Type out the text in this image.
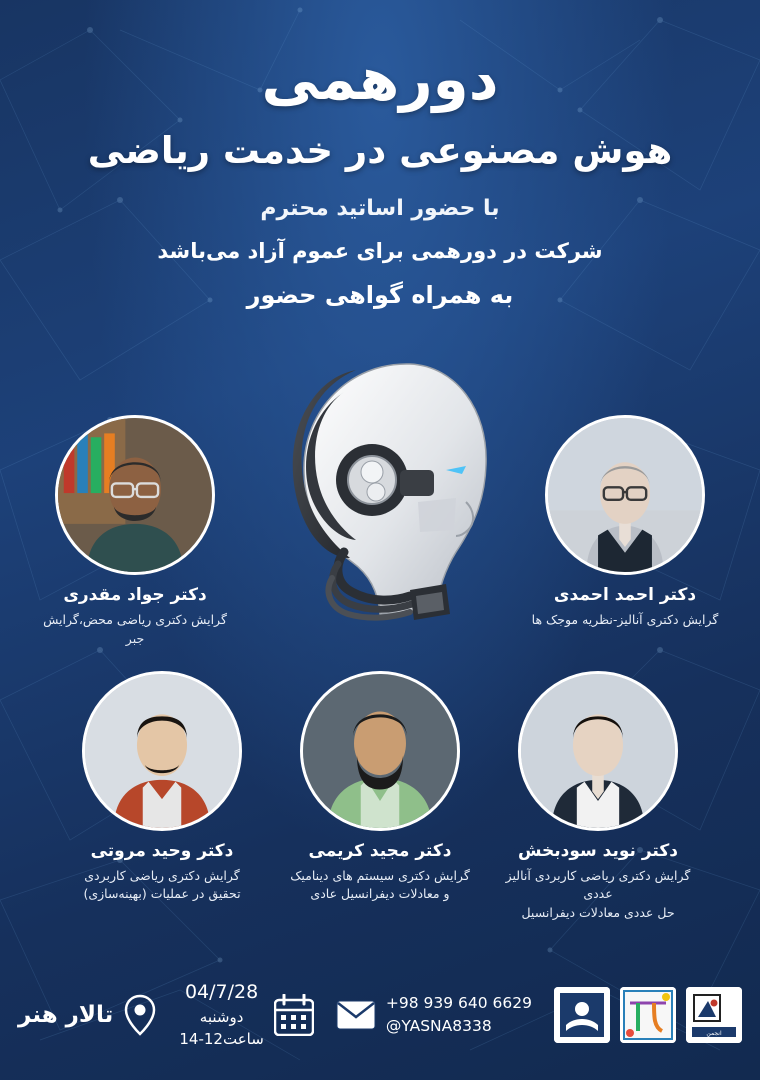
دورهمی
هوش مصنوعی در خدمت ریاضی
با حضور اساتید محترم
شرکت در دورهمی برای عموم آزاد می‌باشد
به همراه گواهی حضور
دکتر احمد احمدی
گرایش دکتری آنالیز-نظریه موجک ها
دکتر جواد مقدری
گرایش دکتری ریاضی محض،گرایش جبر
دکتر نوید سودبخش
گرایش دکتری ریاضی کاربردی آنالیز عددی
حل عددی معادلات دیفرانسیل
دکتر مجید کریمی
گرایش دکتری سیستم های دینامیک
و معادلات دیفرانسیل عادی
دکتر وحید مروتی
گرایش دکتری ریاضی کاربردی
تحقیق در عملیات (بهینه‌سازی)
انجمن
+98 939 640 6629
@YASNA8338
04/7/28
دوشنبه
ساعت12-14
تالار هنر
